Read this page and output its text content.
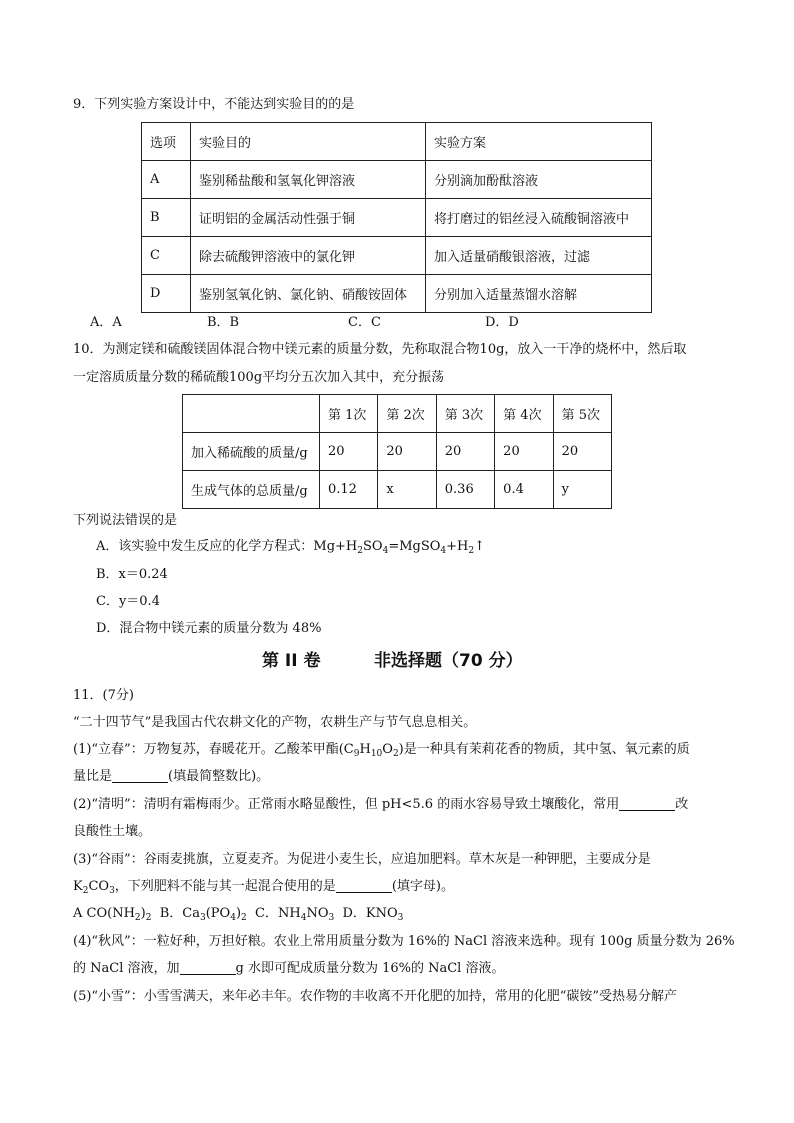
9．下列实验方案设计中，不能达到实验目的的是
选项	实验目的	实验方案
A	鉴别稀盐酸和氢氧化钾溶液	分别滴加酚酞溶液
B	证明铝的金属活动性强于铜	将打磨过的铝丝浸入硫酸铜溶液中
C	除去硫酸钾溶液中的氯化钾	加入适量硝酸银溶液，过滤
D	鉴别氢氧化钠、氯化钠、硝酸铵固体	分别加入适量蒸馏水溶解
A．A	B．B	C．C	D．D
10．为测定镁和硫酸镁固体混合物中镁元素的质量分数，先称取混合物10g，放入一干净的烧杯中，然后取
一定溶质质量分数的稀硫酸100g平均分五次加入其中，充分振荡
	第 1次	第 2次	第 3次	第 4次	第 5次
加入稀硫酸的质量/g	20	20	20	20	20
生成气体的总质量/g	0.12	x	0.36	0.4	y
下列说法错误的是
A．该实验中发生反应的化学方程式：$Mg+H_2SO_4=MgSO_4+H_2↑$
B．x＝0.24
C．y＝0.4
D．混合物中镁元素的质量分数为 48%
第 II 卷	非选择题（70 分）
11．(7分)
“二十四节气”是我国古代农耕文化的产物，农耕生产与节气息息相关。
(1)“立春”：万物复苏，春暖花开。乙酸苯甲酯$(C_9H_{10}O_2)$是一种具有茉莉花香的物质，其中氢、氧元素的质
量比是	(填最简整数比)。
(2)“清明”：清明有霜梅雨少。正常雨水略显酸性，但 pH<5.6 的雨水容易导致土壤酸化，常用	改
良酸性土壤。
(3)“谷雨”：谷雨麦挑旗，立夏麦齐。为促进小麦生长，应追加肥料。草木灰是一种钾肥，主要成分是
$K_2CO_3$，下列肥料不能与其一起混合使用的是	(填字母)。
A $CO(NH_2)_2$ B．$Ca_3(PO_4)_2$ C．$NH_4NO_3$ D．$KNO_3$
(4)“秋风”：一粒好种，万担好粮。农业上常用质量分数为 16%的 NaCl 溶液来选种。现有 100g 质量分数为 26%
的 NaCl 溶液，加	g 水即可配成质量分数为 16%的 NaCl 溶液。
(5)“小雪”：小雪雪满天，来年必丰年。农作物的丰收离不开化肥的加持，常用的化肥“碳铵”受热易分解产
